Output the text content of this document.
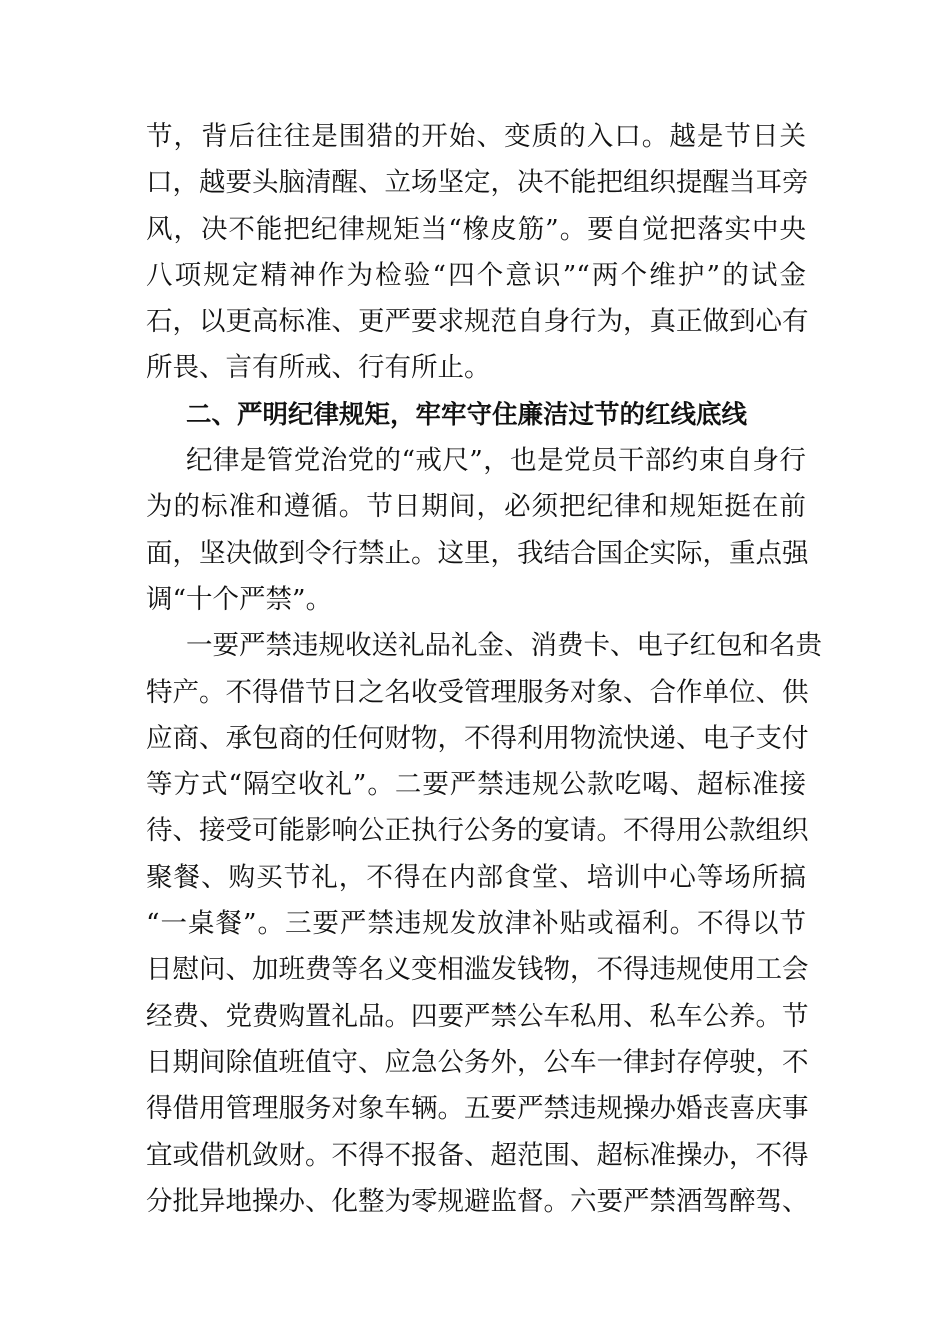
节，背后往往是围猎的开始、变质的入口。越是节日关
口，越要头脑清醒、立场坚定，决不能把组织提醒当耳旁
风，决不能把纪律规矩当“橡皮筋”。要自觉把落实中央
八项规定精神作为检验“四个意识”“两个维护”的试金
石，以更高标准、更严要求规范自身行为，真正做到心有
所畏、言有所戒、行有所止。
二、严明纪律规矩，牢牢守住廉洁过节的红线底线
纪律是管党治党的“戒尺”，也是党员干部约束自身行
为的标准和遵循。节日期间，必须把纪律和规矩挺在前
面，坚决做到令行禁止。这里，我结合国企实际，重点强
调“十个严禁”。
一要严禁违规收送礼品礼金、消费卡、电子红包和名贵
特产。不得借节日之名收受管理服务对象、合作单位、供
应商、承包商的任何财物，不得利用物流快递、电子支付
等方式“隔空收礼”。二要严禁违规公款吃喝、超标准接
待、接受可能影响公正执行公务的宴请。不得用公款组织
聚餐、购买节礼，不得在内部食堂、培训中心等场所搞
“一桌餐”。三要严禁违规发放津补贴或福利。不得以节
日慰问、加班费等名义变相滥发钱物，不得违规使用工会
经费、党费购置礼品。四要严禁公车私用、私车公养。节
日期间除值班值守、应急公务外，公车一律封存停驶，不
得借用管理服务对象车辆。五要严禁违规操办婚丧喜庆事
宜或借机敛财。不得不报备、超范围、超标准操办，不得
分批异地操办、化整为零规避监督。六要严禁酒驾醉驾、
